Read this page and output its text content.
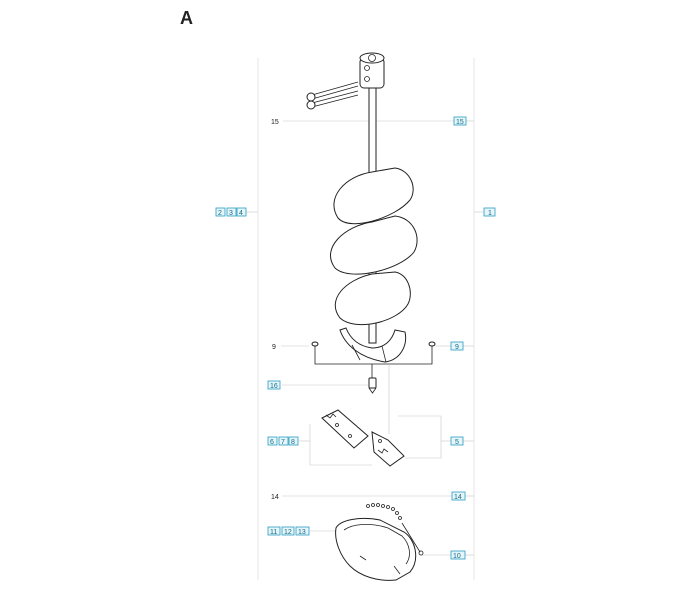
A
15	15
2 3 4	1
9	9
16
6 7 8	5
14	14
11 12 13
10
